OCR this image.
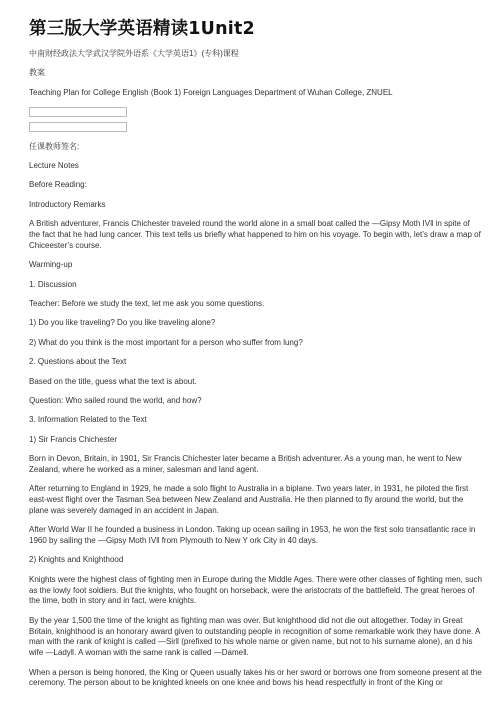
第三版大学英语精读1Unit2

中南财经政法大学武汉学院外语系《大学英语1》(专科)课程

教案

Teaching Plan for College English (Book 1) Foreign Languages Department of Wuhan College, ZNUEL

任课教师签名:

Lecture Notes

Before Reading:

Introductory Remarks

A British adventurer, Francis Chichester traveled round the world alone in a small boat called the ―Gipsy Moth IV‖ in spite of the fact that he had lung cancer. This text tells us briefly what happened to him on his voyage. To begin with, let’s draw a map of Chiceester’s course.

Warming-up

1. Discussion

Teacher: Before we study the text, let me ask you some questions.

1) Do you like traveling? Do you like traveling alone?

2) What do you think is the most important for a person who suffer from lung?

2. Questions about the Text

Based on the title, guess what the text is about.

Question: Who sailed round the world, and how?

3. Information Related to the Text

1) Sir Francis Chichester

Born in Devon, Britain, in 1901, Sir Francis Chichester later became a British adventurer. As a young man, he went to New Zealand, where he worked as a miner, salesman and land agent.

After returning to England in 1929, he made a solo flight to Australia in a biplane. Two years later, in 1931, he piloted the first east-west flight over the Tasman Sea between New Zealand and Australia. He then planned to fly around the world, but the plane was severely damaged in an accident in Japan.

After World War II he founded a business in London. Taking up ocean sailing in 1953, he won the first solo transatlantic race in 1960 by sailing the ―Gipsy Moth IV‖ from Plymouth to New Y ork City in 40 days.

2) Knights and Knighthood

Knights were the highest class of fighting men in Europe during the Middle Ages. There were other classes of fighting men, such as the lowly foot soldiers. But the knights, who fought on horseback, were the aristocrats of the battlefield. The great heroes of the time, both in story and in fact, were knights.

By the year 1,500 the time of the knight as fighting man was over. But knighthood did not die out altogether. Today in Great Britain, knighthood is an honorary award given to outstanding people in recognition of some remarkable work they have done. A man with the rank of knight is called ―Sir‖ (prefixed to his whole name or given name, but not to his surname alone), an d his wife ―Lady‖. A woman with the same rank is called ―Dame‖.

When a person is being honored, the King or Queen usually takes his or her sword or borrows one from someone present at the ceremony. The person about to be knighted kneels on one knee and bows his head respectfully in front of the King or
